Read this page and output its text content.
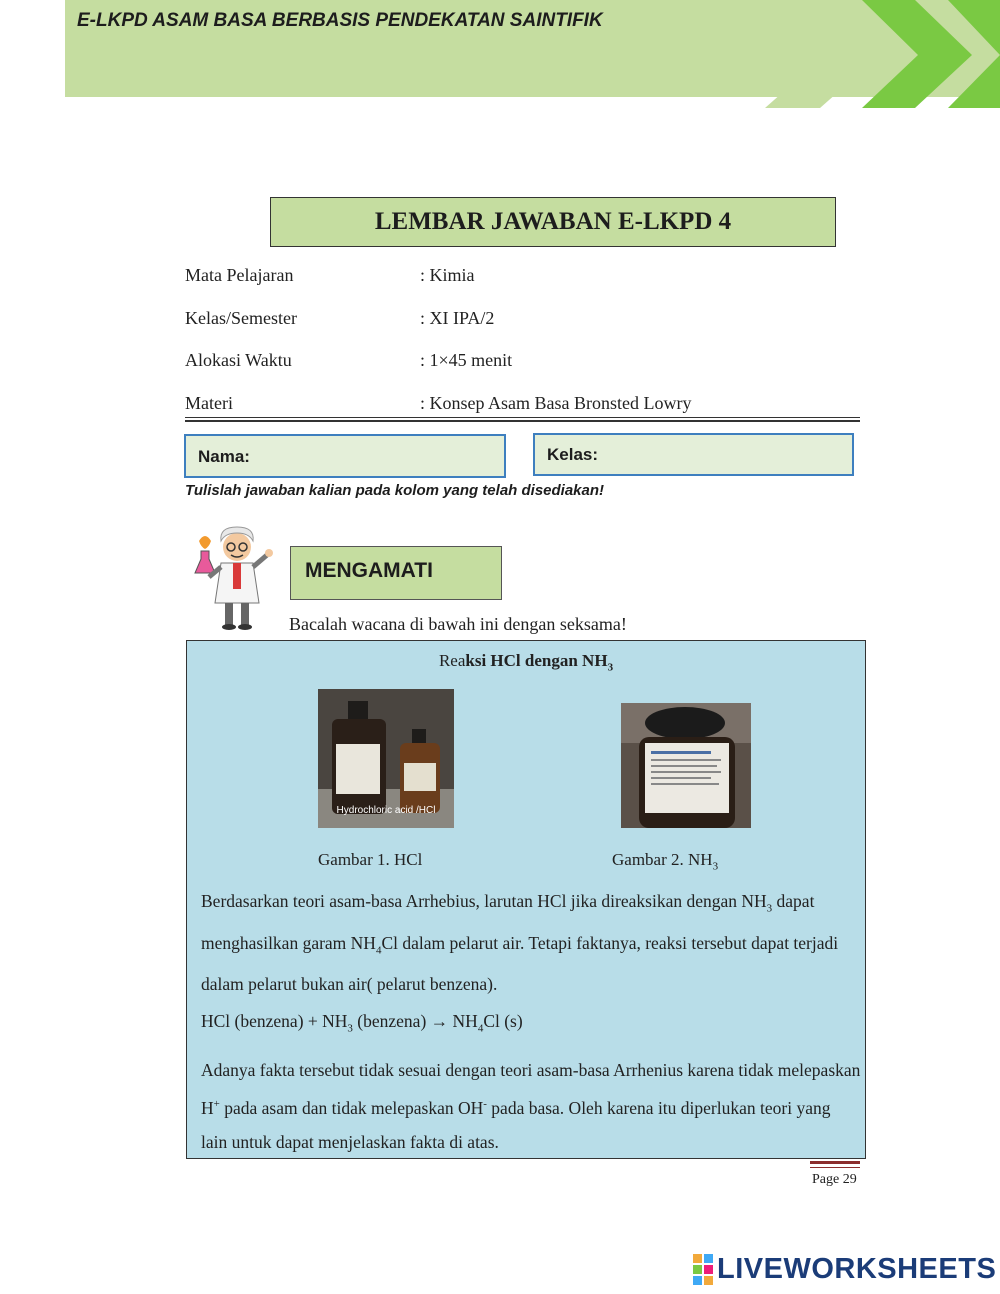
E-LKPD ASAM BASA BERBASIS PENDEKATAN SAINTIFIK
LEMBAR JAWABAN E-LKPD 4
Mata Pelajaran	: Kimia
Kelas/Semester	: XI IPA/2
Alokasi Waktu	: 1×45 menit
Materi	: Konsep Asam Basa Bronsted Lowry
Nama:	Kelas:
Tulislah jawaban kalian pada kolom yang telah disediakan!
MENGAMATI
Bacalah wacana di bawah ini dengan seksama!
Reaksi HCl dengan $NH_3$
Hydrochloric acid /HCl
Gambar 1. HCl	Gambar 2. $NH_3$
Berdasarkan teori asam-basa Arrhebius, larutan HCl jika direaksikan dengan $NH_3$ dapat menghasilkan garam $NH_4Cl$ dalam pelarut air. Tetapi faktanya, reaksi tersebut dapat terjadi dalam pelarut bukan air( pelarut benzena).
HCl (benzena) + $NH_3$ (benzena) → $NH_4Cl$ (s)
Adanya fakta tersebut tidak sesuai dengan teori asam-basa Arrhenius karena tidak melepaskan H+ pada asam dan tidak melepaskan OH- pada basa. Oleh karena itu diperlukan teori yang lain untuk dapat menjelaskan fakta di atas.
Page 29
LIVEWORKSHEETS
